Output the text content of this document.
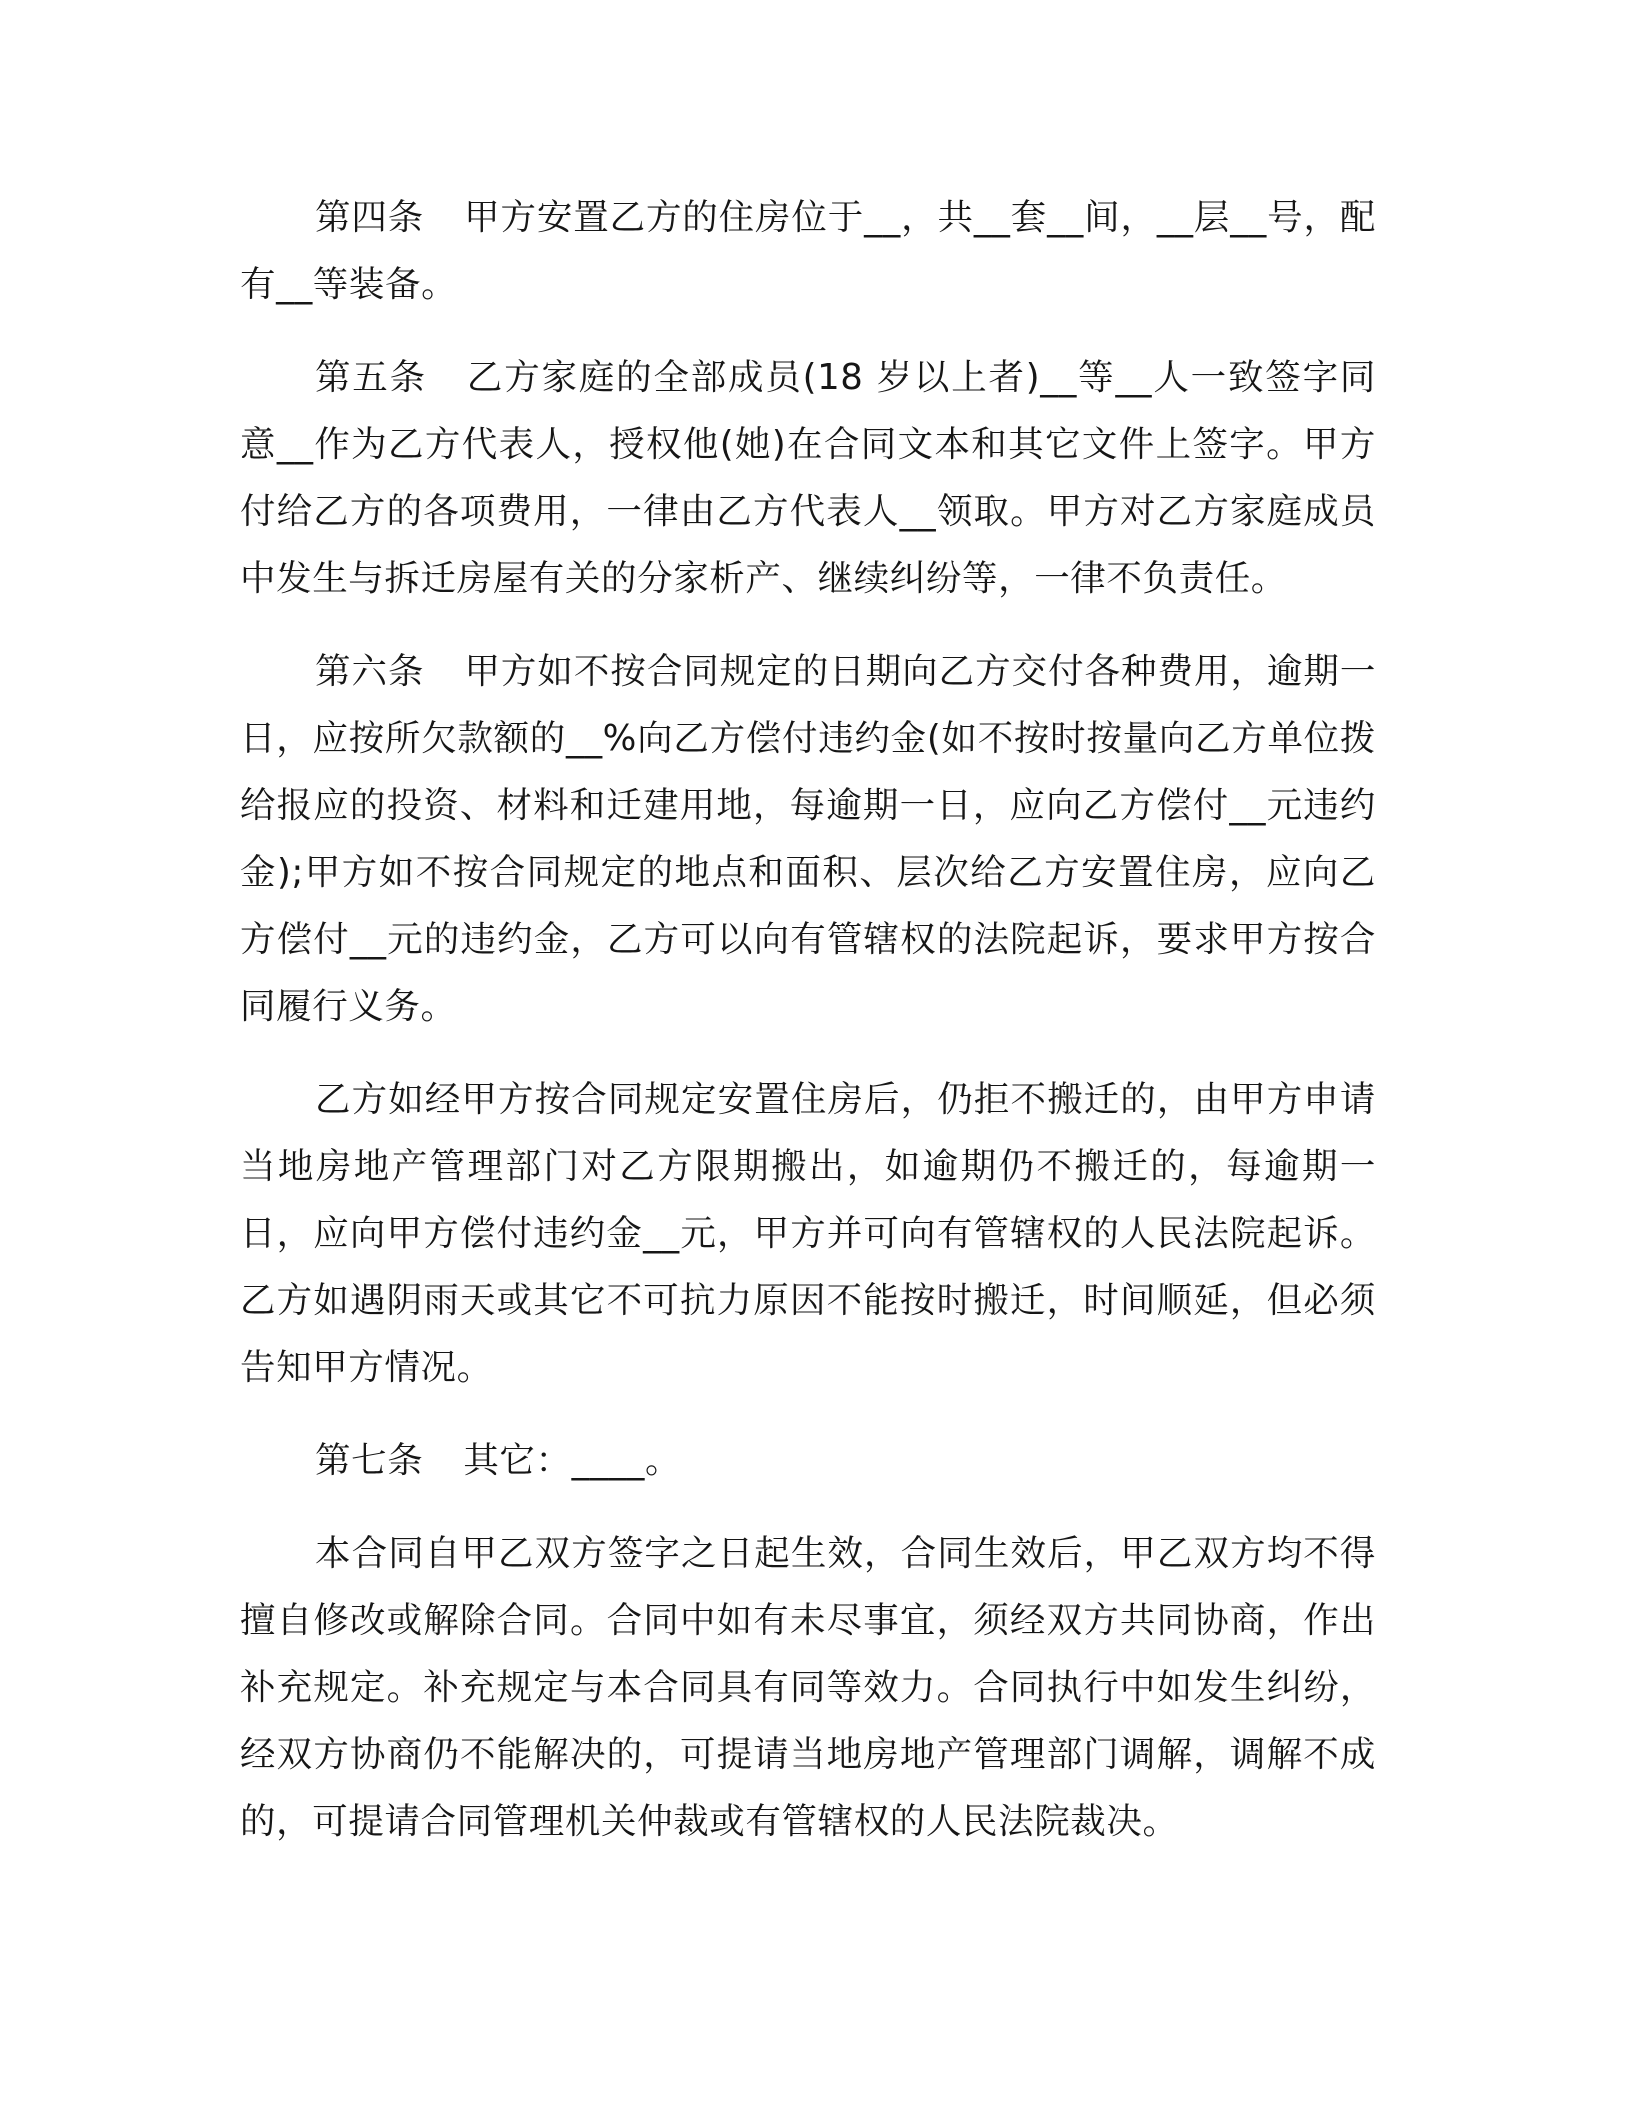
第四条 甲方安置乙方的住房位于__，共__套__间，__层__号，配有__等装备。

第五条 乙方家庭的全部成员(18 岁以上者)__等__人一致签字同意__作为乙方代表人，授权他(她)在合同文本和其它文件上签字。甲方付给乙方的各项费用，一律由乙方代表人__领取。甲方对乙方家庭成员中发生与拆迁房屋有关的分家析产、继续纠纷等，一律不负责任。

第六条 甲方如不按合同规定的日期向乙方交付各种费用，逾期一日，应按所欠款额的__%向乙方偿付违约金(如不按时按量向乙方单位拨给报应的投资、材料和迁建用地，每逾期一日，应向乙方偿付__元违约金);甲方如不按合同规定的地点和面积、层次给乙方安置住房，应向乙方偿付__元的违约金，乙方可以向有管辖权的法院起诉，要求甲方按合同履行义务。

乙方如经甲方按合同规定安置住房后，仍拒不搬迁的，由甲方申请当地房地产管理部门对乙方限期搬出，如逾期仍不搬迁的，每逾期一日，应向甲方偿付违约金__元，甲方并可向有管辖权的人民法院起诉。乙方如遇阴雨天或其它不可抗力原因不能按时搬迁，时间顺延，但必须告知甲方情况。

第七条 其它：____。

本合同自甲乙双方签字之日起生效，合同生效后，甲乙双方均不得擅自修改或解除合同。合同中如有未尽事宜，须经双方共同协商，作出补充规定。补充规定与本合同具有同等效力。合同执行中如发生纠纷，经双方协商仍不能解决的，可提请当地房地产管理部门调解，调解不成的，可提请合同管理机关仲裁或有管辖权的人民法院裁决。
